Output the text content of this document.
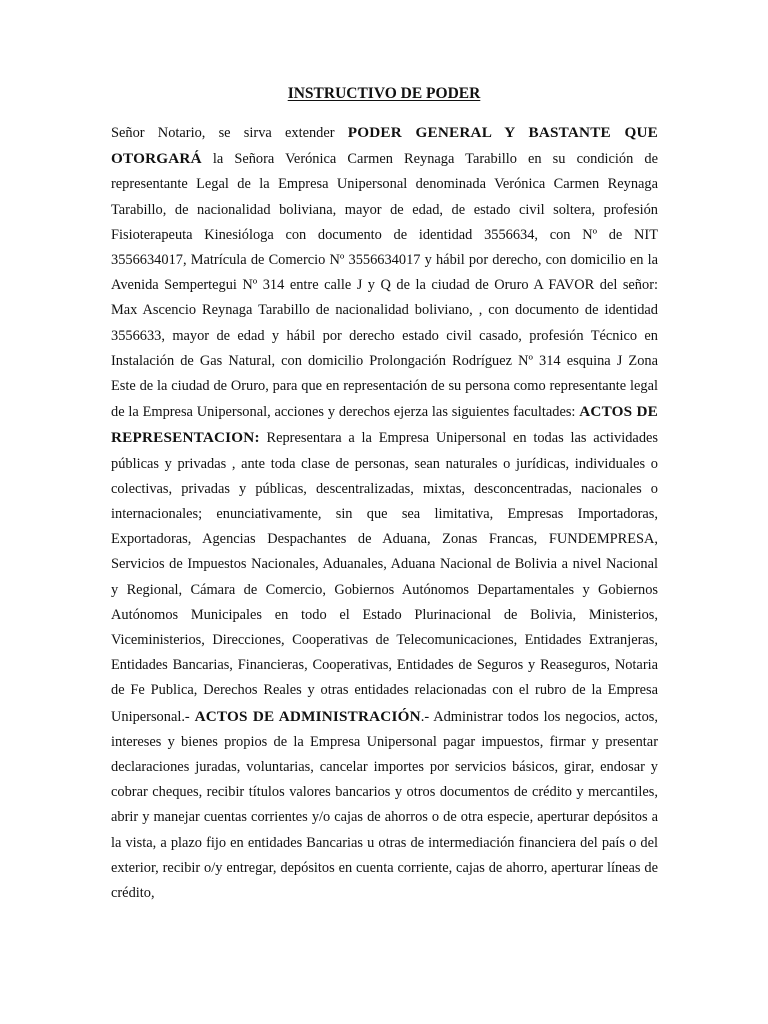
INSTRUCTIVO DE PODER
Señor Notario, se sirva extender PODER GENERAL Y BASTANTE QUE OTORGARÁ la Señora Verónica Carmen Reynaga Tarabillo en su condición de representante Legal de la Empresa Unipersonal denominada Verónica Carmen Reynaga Tarabillo, de nacionalidad boliviana, mayor de edad, de estado civil soltera, profesión Fisioterapeuta Kinesióloga con documento de identidad 3556634, con Nº de NIT 3556634017, Matrícula de Comercio Nº 3556634017 y hábil por derecho, con domicilio en la Avenida Sempertegui Nº 314 entre calle J y Q de la ciudad de Oruro A FAVOR del señor: Max Ascencio Reynaga Tarabillo de nacionalidad boliviano, , con documento de identidad 3556633, mayor de edad y hábil por derecho estado civil casado, profesión Técnico en Instalación de Gas Natural, con domicilio Prolongación Rodríguez Nº 314 esquina J Zona Este de la ciudad de Oruro, para que en representación de su persona como representante legal de la Empresa Unipersonal, acciones y derechos ejerza las siguientes facultades: ACTOS DE REPRESENTACION: Representara a la Empresa Unipersonal en todas las actividades públicas y privadas , ante toda clase de personas, sean naturales o jurídicas, individuales o colectivas, privadas y públicas, descentralizadas, mixtas, desconcentradas, nacionales o internacionales; enunciativamente, sin que sea limitativa, Empresas Importadoras, Exportadoras, Agencias Despachantes de Aduana, Zonas Francas, FUNDEMPRESA, Servicios de Impuestos Nacionales, Aduanales, Aduana Nacional de Bolivia a nivel Nacional y Regional, Cámara de Comercio, Gobiernos Autónomos Departamentales y Gobiernos Autónomos Municipales en todo el Estado Plurinacional de Bolivia, Ministerios, Viceministerios, Direcciones, Cooperativas de Telecomunicaciones, Entidades Extranjeras, Entidades Bancarias, Financieras, Cooperativas, Entidades de Seguros y Reaseguros, Notaria de Fe Publica, Derechos Reales y otras entidades relacionadas con el rubro de la Empresa Unipersonal.- ACTOS DE ADMINISTRACIÓN.- Administrar todos los negocios, actos, intereses y bienes propios de la Empresa Unipersonal pagar impuestos, firmar y presentar declaraciones juradas, voluntarias, cancelar importes por servicios básicos, girar, endosar y cobrar cheques, recibir títulos valores bancarios y otros documentos de crédito y mercantiles, abrir y manejar cuentas corrientes y/o cajas de ahorros o de otra especie, aperturar depósitos a la vista, a plazo fijo en entidades Bancarias u otras de intermediación financiera del país o del exterior, recibir o/y entregar, depósitos en cuenta corriente, cajas de ahorro, aperturar líneas de crédito,
